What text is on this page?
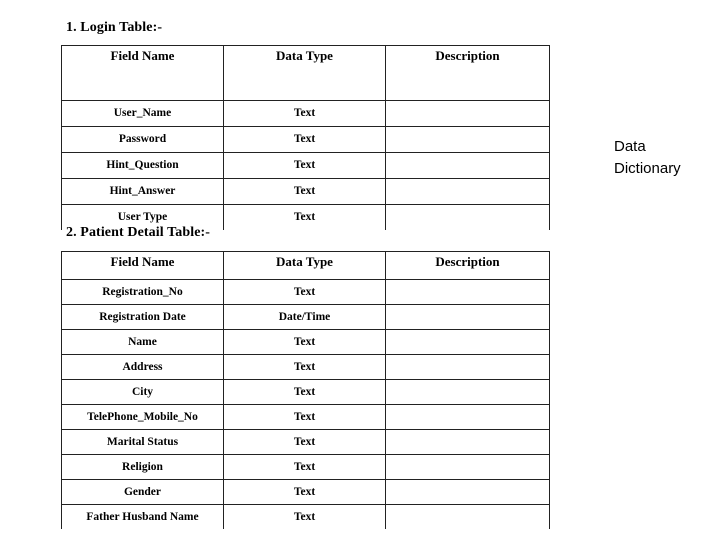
1. Login Table:-
Field Name	Data Type	Description
User_Name	Text	
Password	Text	
Hint_Question	Text	
Hint_Answer	Text	
User Type	Text	
2. Patient Detail Table:-
Field Name	Data Type	Description
Registration_No	Text	
Registration Date	Date/Time	
Name	Text	
Address	Text	
City	Text	
TelePhone_Mobile_No	Text	
Marital Status	Text	
Religion	Text	
Gender	Text	
Father Husband Name	Text	
Data
Dictionary
